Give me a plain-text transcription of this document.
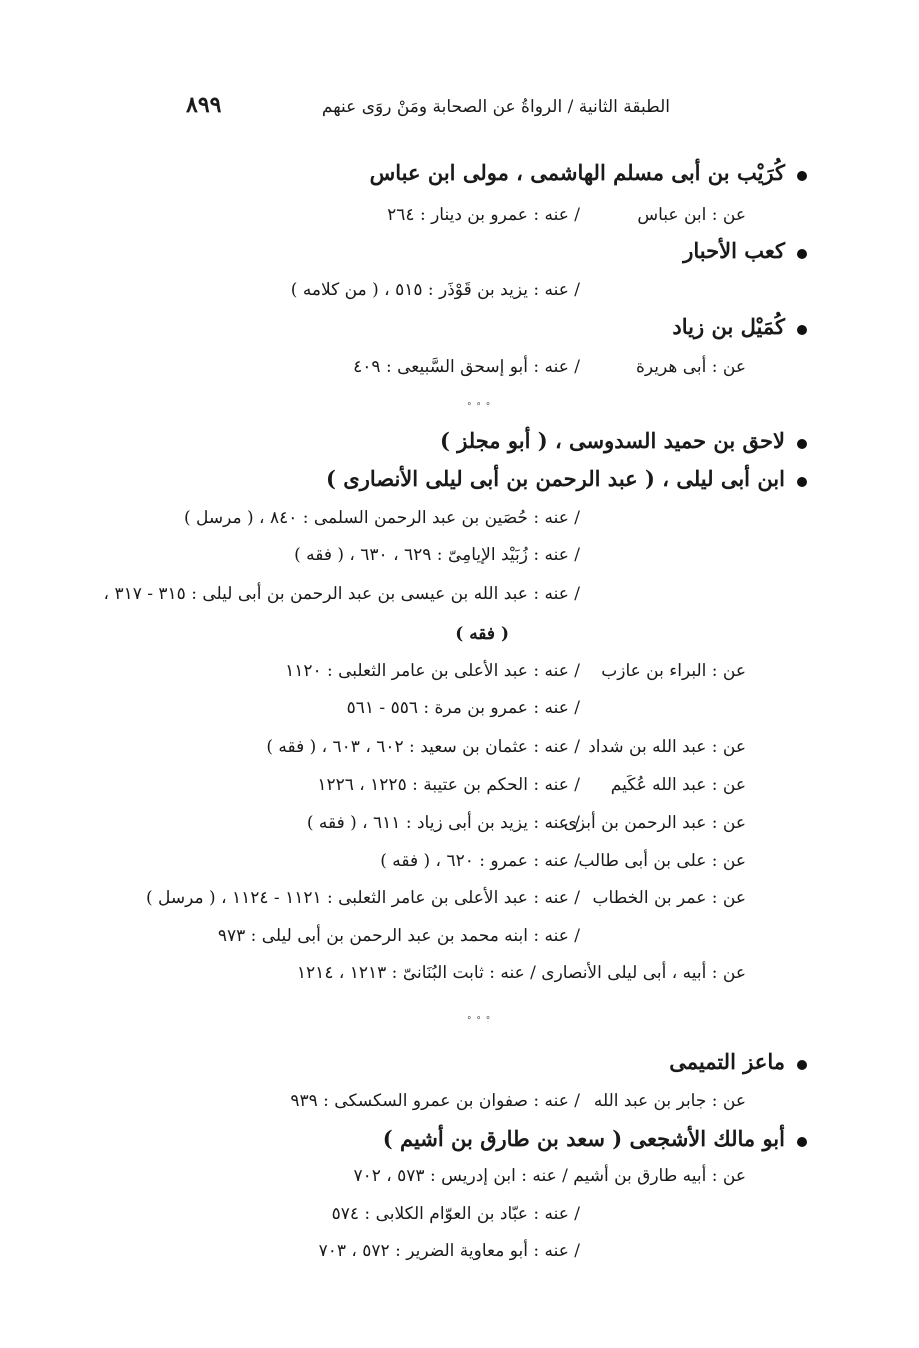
٨٩٩	الطبقة الثانية / الرواةُ عن الصحابة ومَنْ روَى عنهم
كُرَيْب بن أبى مسلم الهاشمى ، مولى ابن عباس
عن : ابن عباس
/ عنه : عمرو بن دينار : ٢٦٤
كعب الأحبار
/ عنه : يزيد بن قَوْذَر : ٥١٥ ، ( من كلامه )
كُمَيْل بن زياد
عن : أبى هريرة
/ عنه : أبو إسحق السَّبيعى : ٤٠٩
° ° °
لاحق بن حميد السدوسى ، ( أبو مجلز )
ابن أبى ليلى ، ( عبد الرحمن بن أبى ليلى الأنصارى )
/ عنه : حُصَين بن عبد الرحمن السلمى : ٨٤٠ ، ( مرسل )
/ عنه : زُبَيْد الإيامِىّ : ٦٢٩ ، ٦٣٠ ، ( فقه )
/ عنه : عبد الله بن عيسى بن عبد الرحمن بن أبى ليلى : ٣١٥ - ٣١٧ ،
( فقه )
عن : البراء بن عازب
/ عنه : عبد الأعلى بن عامر الثعلبى : ١١٢٠
/ عنه : عمرو بن مرة : ٥٥٦ - ٥٦١
عن : عبد الله بن شداد
/ عنه : عثمان بن سعيد : ٦٠٢ ، ٦٠٣ ، ( فقه )
عن : عبد الله عُكَيم
/ عنه : الحكم بن عتيبة : ١٢٢٥ ، ١٢٢٦
عن : عبد الرحمن بن أبزى
/ عنه : يزيد بن أبى زياد : ٦١١ ، ( فقه )
عن : على بن أبى طالب
/ عنه : عمرو : ٦٢٠ ، ( فقه )
عن : عمر بن الخطاب
/ عنه : عبد الأعلى بن عامر الثعلبى : ١١٢١ - ١١٢٤ ، ( مرسل )
/ عنه : ابنه محمد بن عبد الرحمن بن أبى ليلى : ٩٧٣
عن : أبيه ، أبى ليلى الأنصارى / عنه : ثابت البُنَانىّ : ١٢١٣ ، ١٢١٤
° ° °
ماعز التميمى
عن : جابر بن عبد الله
/ عنه : صفوان بن عمرو السكسكى : ٩٣٩
أبو مالك الأشجعى ( سعد بن طارق بن أشيم )
عن : أبيه طارق بن أشيم / عنه : ابن إدريس : ٥٧٣ ، ٧٠٢
/ عنه : عبّاد بن العوّام الكلابى : ٥٧٤
/ عنه : أبو معاوية الضرير : ٥٧٢ ، ٧٠٣
